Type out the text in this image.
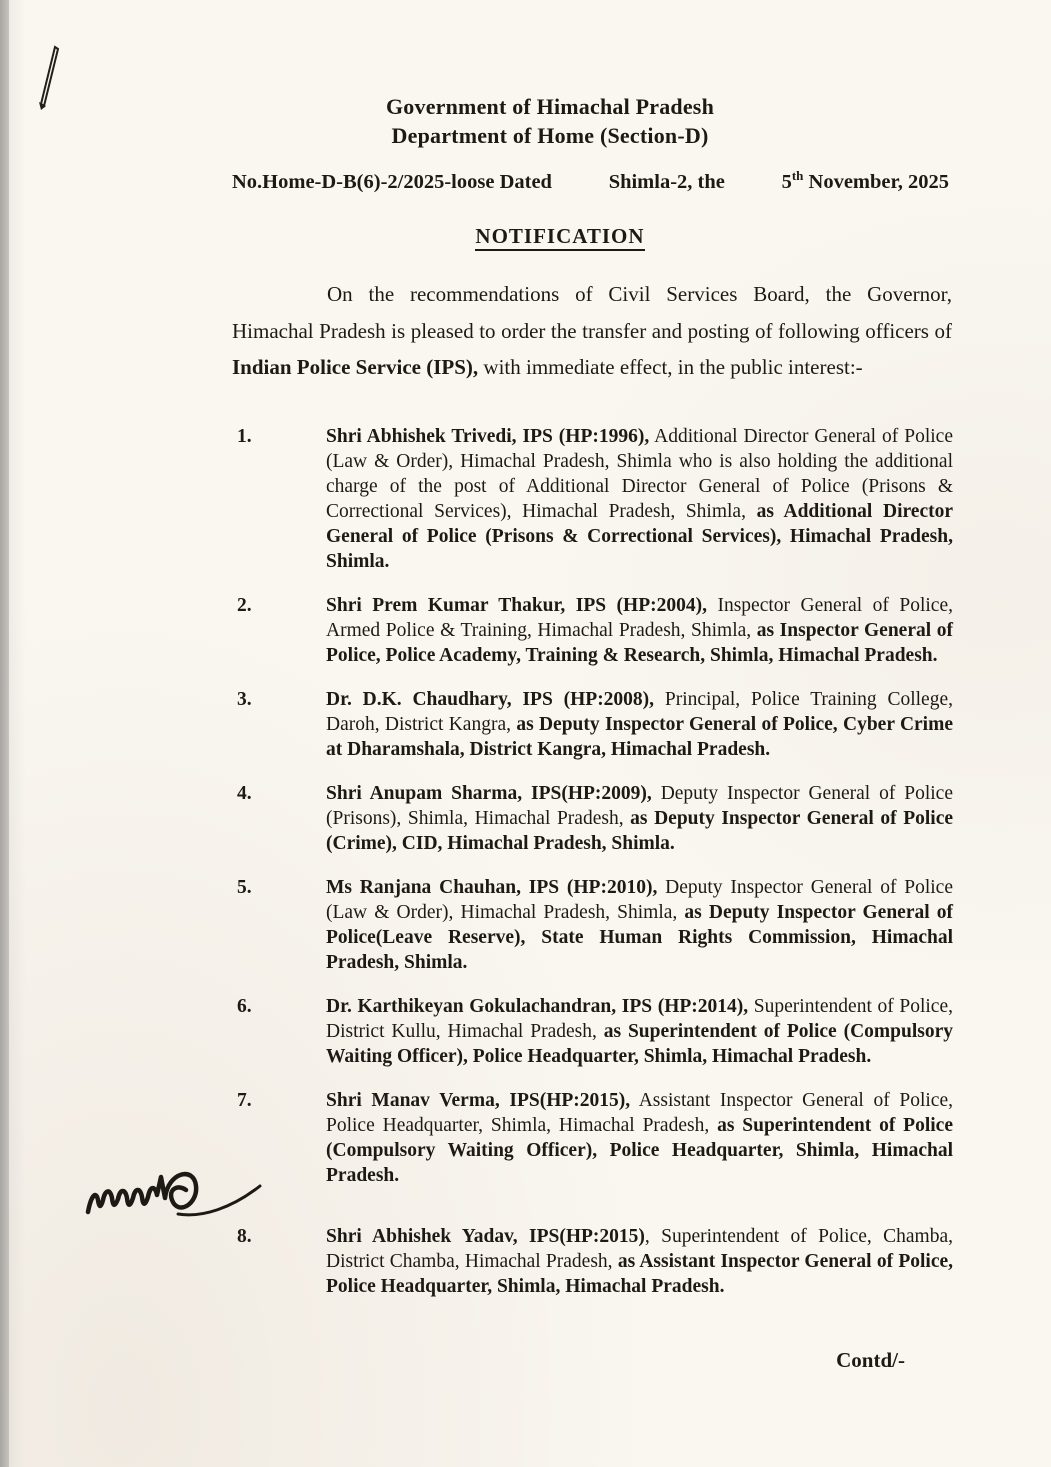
Government of Himachal Pradesh
Department of Home (Section-D)
No.Home-D-B(6)-2/2025-loose Dated	Shimla-2, the	5th November, 2025
NOTIFICATION

On the recommendations of Civil Services Board, the Governor, Himachal Pradesh is pleased to order the transfer and posting of following officers of Indian Police Service (IPS), with immediate effect, in the public interest:-

1.	Shri Abhishek Trivedi, IPS (HP:1996), Additional Director General of Police (Law & Order), Himachal Pradesh, Shimla who is also holding the additional charge of the post of Additional Director General of Police (Prisons & Correctional Services), Himachal Pradesh, Shimla, as Additional Director General of Police (Prisons & Correctional Services), Himachal Pradesh, Shimla.
2.	Shri Prem Kumar Thakur, IPS (HP:2004), Inspector General of Police, Armed Police & Training, Himachal Pradesh, Shimla, as Inspector General of Police, Police Academy, Training & Research, Shimla, Himachal Pradesh.
3.	Dr. D.K. Chaudhary, IPS (HP:2008), Principal, Police Training College, Daroh, District Kangra, as Deputy Inspector General of Police, Cyber Crime at Dharamshala, District Kangra, Himachal Pradesh.
4.	Shri Anupam Sharma, IPS(HP:2009), Deputy Inspector General of Police (Prisons), Shimla, Himachal Pradesh, as Deputy Inspector General of Police (Crime), CID, Himachal Pradesh, Shimla.
5.	Ms Ranjana Chauhan, IPS (HP:2010), Deputy Inspector General of Police (Law & Order), Himachal Pradesh, Shimla, as Deputy Inspector General of Police(Leave Reserve), State Human Rights Commission, Himachal Pradesh, Shimla.
6.	Dr. Karthikeyan Gokulachandran, IPS (HP:2014), Superintendent of Police, District Kullu, Himachal Pradesh, as Superintendent of Police (Compulsory Waiting Officer), Police Headquarter, Shimla, Himachal Pradesh.
7.	Shri Manav Verma, IPS(HP:2015), Assistant Inspector General of Police, Police Headquarter, Shimla, Himachal Pradesh, as Superintendent of Police (Compulsory Waiting Officer), Police Headquarter, Shimla, Himachal Pradesh.
8.	Shri Abhishek Yadav, IPS(HP:2015), Superintendent of Police, Chamba, District Chamba, Himachal Pradesh, as Assistant Inspector General of Police, Police Headquarter, Shimla, Himachal Pradesh.
Contd/-
